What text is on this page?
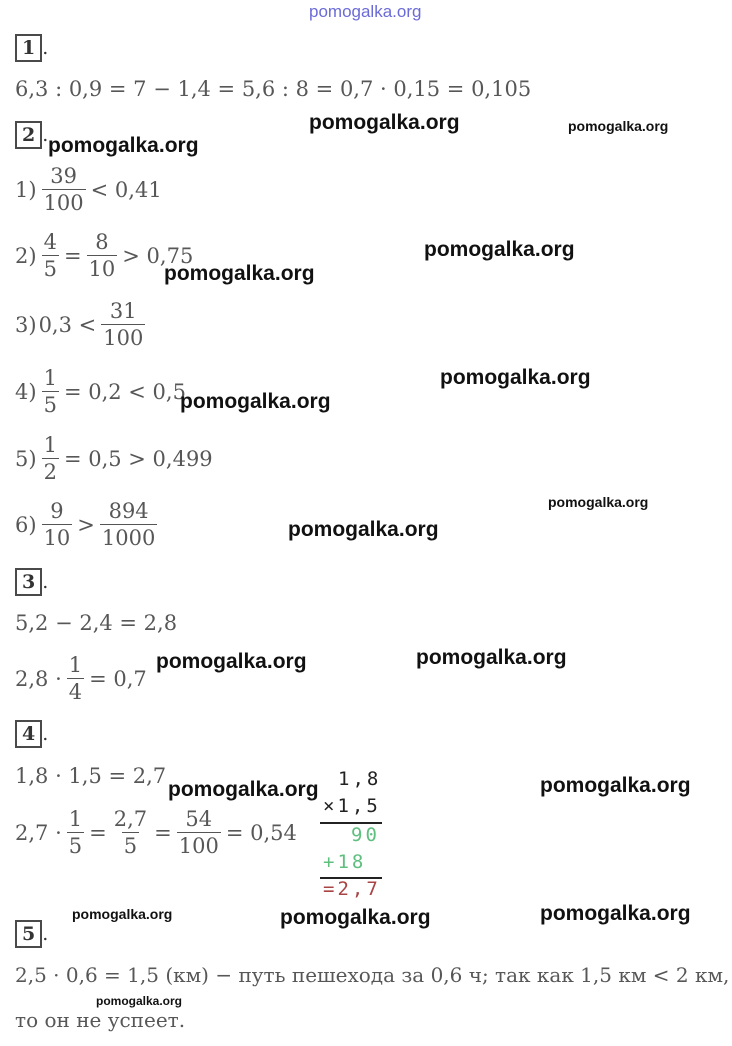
pomogalka.org
1 .
6,3 : 0,9 = 7 − 1,4 = 5,6 : 8 = 0,7 · 0,15 = 0,105
2 .
$1) \frac{39}{100} < 0,41$
$2) \frac{4}{5} = \frac{8}{10} > 0,75$
3) $0,3 < \frac{31}{100}$
$4) \frac{1}{5} = 0,2 < 0,5$
$5) \frac{1}{2} = 0,5 > 0,499$
$6) \frac{9}{10} > \frac{894}{1000}$
3 .
5,2 − 2,4 = 2,8
$2,8 \cdot \frac{1}{4} = 0,7$
4 .
1,8 · 1,5 = 2,7
$2,7 \cdot \frac{1}{5} = \frac{2,7}{5} = \frac{54}{100} = 0,54$
1,8
×1,5
90
+18
=2,7
5 .
2,5 · 0,6 = 1,5 (км) − путь пешехода за 0,6 ч; так как 1,5 км < 2 км,
то он не успеет.
pomogalka.org	pomogalka.org
pomogalka.org
pomogalka.org
pomogalka.org
pomogalka.org
pomogalka.org
pomogalka.org
pomogalka.org
pomogalka.org
pomogalka.org
pomogalka.org	pomogalka.org
pomogalka.org	pomogalka.org	pomogalka.org
pomogalka.org
